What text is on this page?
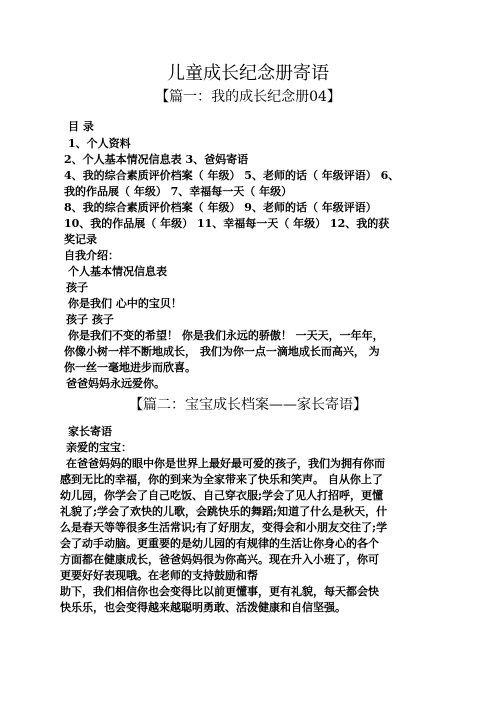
儿童成长纪念册寄语
【篇一：我的成长纪念册04】
目 录
1、个人资料
2、个人基本情况信息表 3、爸妈寄语
4、我的综合素质评价档案（ 年级） 5、老师的话（ 年级评语） 6、
我的作品展（ 年级） 7、幸福每一天（ 年级）
8、我的综合素质评价档案（ 年级） 9、老师的话（ 年级评语）
10、我的作品展（ 年级） 11、幸福每一天（ 年级） 12、我的获
奖记录
自我介绍：
个人基本情况信息表
孩子
你是我们 心中的宝贝！
孩子 孩子
你是我们不变的希望！ 你是我们永远的骄傲！ 一天天，一年年，
你像小树一样不断地成长， 我们为你一点一滴地成长而高兴， 为
你一丝一毫地进步而欣喜。
爸爸妈妈永远爱你。
【篇二：宝宝成长档案——家长寄语】
家长寄语
亲爱的宝宝：
在爸爸妈妈的眼中你是世界上最好最可爱的孩子，我们为拥有你而
感到无比的幸福，你的到来为全家带来了快乐和笑声。 自从你上了
幼儿园，你学会了自己吃饭、自己穿衣服;学会了见人打招呼，更懂
礼貌了;学会了欢快的儿歌，会跳快乐的舞蹈;知道了什么是秋天，什
么是春天等等很多生活常识;有了好朋友，变得会和小朋友交往了;学
会了动手动脑。更重要的是幼儿园的有规律的生活让你身心的各个
方面都在健康成长，爸爸妈妈很为你高兴。现在升入小班了，你可
更要好好表现哦。在老师的支持鼓励和帮
助下，我们相信你也会变得比以前更懂事，更有礼貌，每天都会快
快乐乐，也会变得越来越聪明勇敢、活泼健康和自信坚强。
